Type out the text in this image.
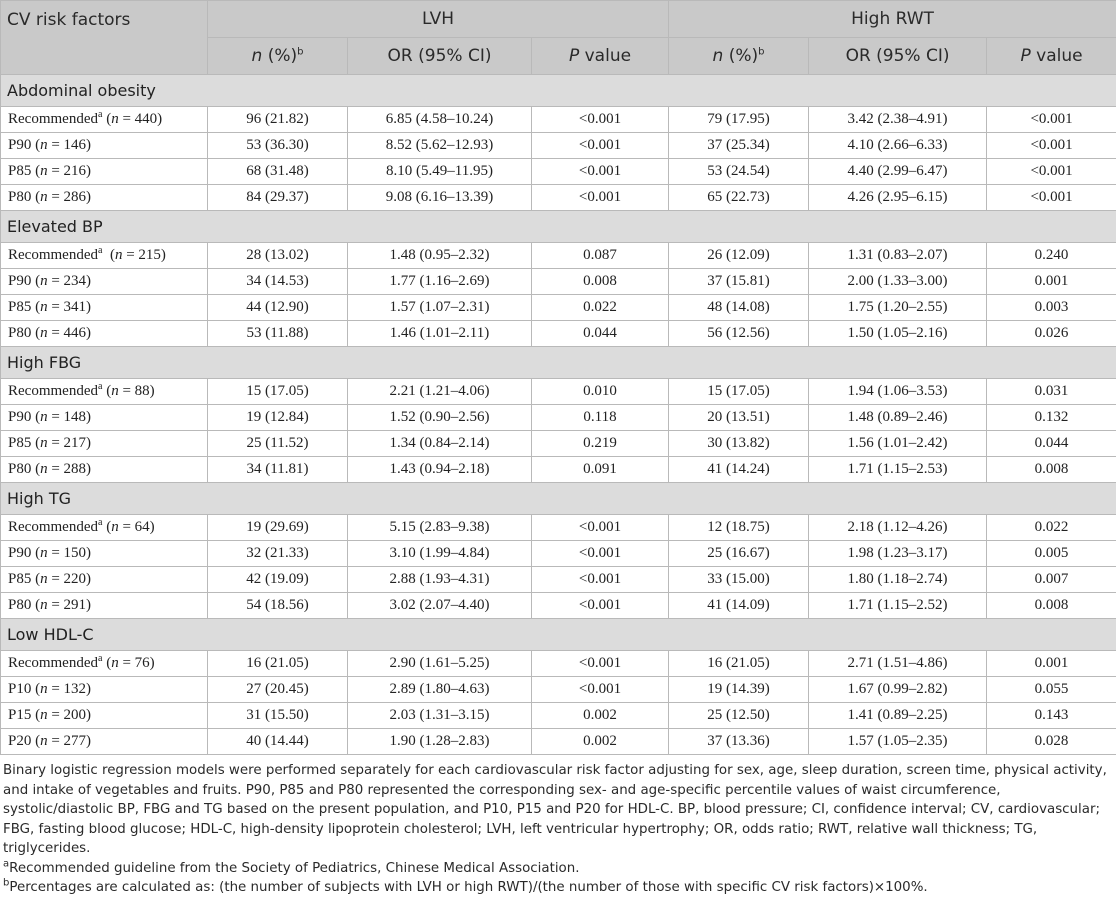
CV risk factors	LVH			High RWT		
	n (%)$^b$	OR (95% CI)	P value	n (%)$^b$	OR (95% CI)	P value
Abdominal obesity						
Recommended$^a$ (n = 440)	96 (21.82)	6.85 (4.58–10.24)	<0.001	79 (17.95)	3.42 (2.38–4.91)	<0.001
P90 (n = 146)	53 (36.30)	8.52 (5.62–12.93)	<0.001	37 (25.34)	4.10 (2.66–6.33)	<0.001
P85 (n = 216)	68 (31.48)	8.10 (5.49–11.95)	<0.001	53 (24.54)	4.40 (2.99–6.47)	<0.001
P80 (n = 286)	84 (29.37)	9.08 (6.16–13.39)	<0.001	65 (22.73)	4.26 (2.95–6.15)	<0.001
Elevated BP						
Recommended$^a$  (n = 215)	28 (13.02)	1.48 (0.95–2.32)	0.087	26 (12.09)	1.31 (0.83–2.07)	0.240
P90 (n = 234)	34 (14.53)	1.77 (1.16–2.69)	0.008	37 (15.81)	2.00 (1.33–3.00)	0.001
P85 (n = 341)	44 (12.90)	1.57 (1.07–2.31)	0.022	48 (14.08)	1.75 (1.20–2.55)	0.003
P80 (n = 446)	53 (11.88)	1.46 (1.01–2.11)	0.044	56 (12.56)	1.50 (1.05–2.16)	0.026
High FBG						
Recommended$^a$ (n = 88)	15 (17.05)	2.21 (1.21–4.06)	0.010	15 (17.05)	1.94 (1.06–3.53)	0.031
P90 (n = 148)	19 (12.84)	1.52 (0.90–2.56)	0.118	20 (13.51)	1.48 (0.89–2.46)	0.132
P85 (n = 217)	25 (11.52)	1.34 (0.84–2.14)	0.219	30 (13.82)	1.56 (1.01–2.42)	0.044
P80 (n = 288)	34 (11.81)	1.43 (0.94–2.18)	0.091	41 (14.24)	1.71 (1.15–2.53)	0.008
High TG						
Recommended$^a$ (n = 64)	19 (29.69)	5.15 (2.83–9.38)	<0.001	12 (18.75)	2.18 (1.12–4.26)	0.022
P90 (n = 150)	32 (21.33)	3.10 (1.99–4.84)	<0.001	25 (16.67)	1.98 (1.23–3.17)	0.005
P85 (n = 220)	42 (19.09)	2.88 (1.93–4.31)	<0.001	33 (15.00)	1.80 (1.18–2.74)	0.007
P80 (n = 291)	54 (18.56)	3.02 (2.07–4.40)	<0.001	41 (14.09)	1.71 (1.15–2.52)	0.008
Low HDL-C						
Recommended$^a$ (n = 76)	16 (21.05)	2.90 (1.61–5.25)	<0.001	16 (21.05)	2.71 (1.51–4.86)	0.001
P10 (n = 132)	27 (20.45)	2.89 (1.80–4.63)	<0.001	19 (14.39)	1.67 (0.99–2.82)	0.055
P15 (n = 200)	31 (15.50)	2.03 (1.31–3.15)	0.002	25 (12.50)	1.41 (0.89–2.25)	0.143
P20 (n = 277)	40 (14.44)	1.90 (1.28–2.83)	0.002	37 (13.36)	1.57 (1.05–2.35)	0.028

Binary logistic regression models were performed separately for each cardiovascular risk factor adjusting for sex, age, sleep duration, screen time, physical activity, and intake of vegetables and fruits. P90, P85 and P80 represented the corresponding sex- and age-specific percentile values of waist circumference, systolic/diastolic BP, FBG and TG based on the present population, and P10, P15 and P20 for HDL-C. BP, blood pressure; CI, confidence interval; CV, cardiovascular; FBG, fasting blood glucose; HDL-C, high-density lipoprotein cholesterol; LVH, left ventricular hypertrophy; OR, odds ratio; RWT, relative wall thickness; TG, triglycerides.

$^a$Recommended guideline from the Society of Pediatrics, Chinese Medical Association.

$^b$Percentages are calculated as: (the number of subjects with LVH or high RWT)/(the number of those with specific CV risk factors)×100%.
